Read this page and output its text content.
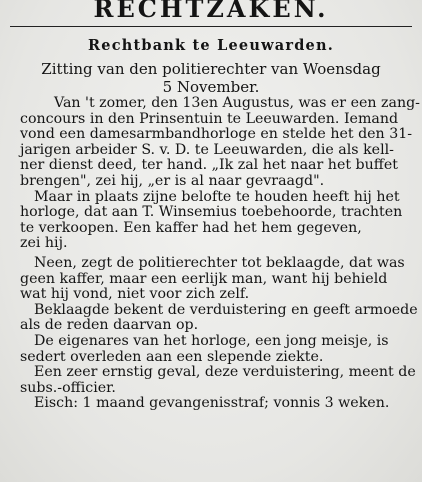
RECHTZAKEN.
Rechtbank te Leeuwarden.
Zitting van den politierechter van Woensdag
5 November.
Van 't zomer, den 13en Augustus, was er een zang-
concours in den Prinsentuin te Leeuwarden. Iemand
vond een damesarmbandhorloge en stelde het den 31-
jarigen arbeider S. v. D. te Leeuwarden, die als kell-
ner dienst deed, ter hand. „Ik zal het naar het buffet
brengen", zei hij, „er is al naar gevraagd".
Maar in plaats zijne belofte te houden heeft hij het
horloge, dat aan T. Winsemius toebehoorde, trachten
te verkoopen. Een kaffer had het hem gegeven,
zei hij.
Neen, zegt de politierechter tot beklaagde, dat was
geen kaffer, maar een eerlijk man, want hij behield
wat hij vond, niet voor zich zelf.
Beklaagde bekent de verduistering en geeft armoede
als de reden daarvan op.
De eigenares van het horloge, een jong meisje, is
sedert overleden aan een slepende ziekte.
Een zeer ernstig geval, deze verduistering, meent de
subs.-officier.
Eisch: 1 maand gevangenisstraf; vonnis 3 weken.
